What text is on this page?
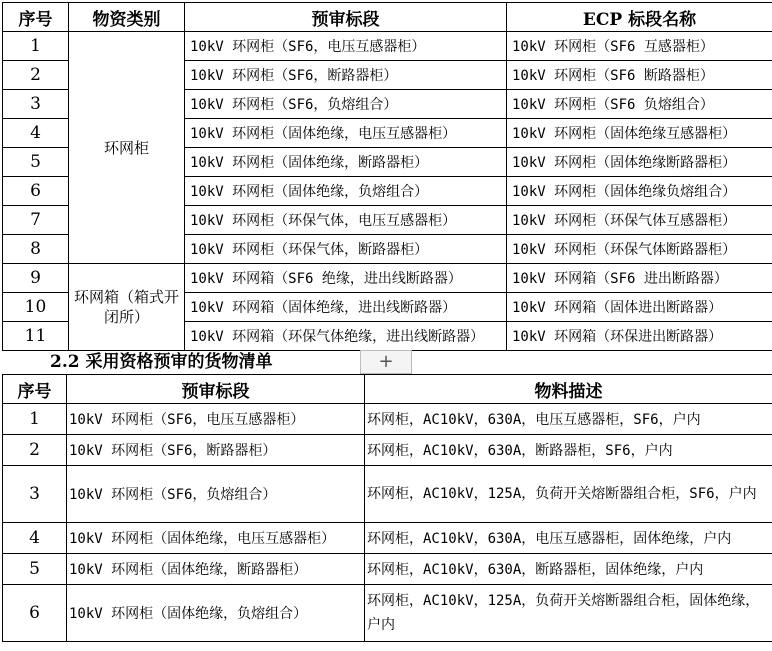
序号	物资类别	预审标段	ECP 标段名称
1	环网柜	10kV 环网柜（SF6，电压互感器柜）	10kV 环网柜（SF6 互感器柜）
2		10kV 环网柜（SF6，断路器柜）	10kV 环网柜（SF6 断路器柜）
3		10kV 环网柜（SF6，负熔组合）	10kV 环网柜（SF6 负熔组合）
4		10kV 环网柜（固体绝缘，电压互感器柜）	10kV 环网柜（固体绝缘互感器柜）
5		10kV 环网柜（固体绝缘，断路器柜）	10kV 环网柜（固体绝缘断路器柜）
6		10kV 环网柜（固体绝缘，负熔组合）	10kV 环网柜（固体绝缘负熔组合）
7		10kV 环网柜（环保气体，电压互感器柜）	10kV 环网柜（环保气体互感器柜）
8		10kV 环网柜（环保气体，断路器柜）	10kV 环网柜（环保气体断路器柜）
9	环网箱（箱式开闭所）	10kV 环网箱（SF6 绝缘，进出线断路器）	10kV 环网箱（SF6 进出断路器）
10		10kV 环网箱（固体绝缘，进出线断路器）	10kV 环网箱（固体进出断路器）
11		10kV 环网箱（环保气体绝缘，进出线断路器）	10kV 环网箱（环保进出断路器）
2.2 采用资格预审的货物清单	+
序号	预审标段	物料描述
1	10kV 环网柜（SF6，电压互感器柜）	环网柜，AC10kV，630A，电压互感器柜，SF6，户内
2	10kV 环网柜（SF6，断路器柜）	环网柜，AC10kV，630A，断路器柜，SF6，户内
3	10kV 环网柜（SF6，负熔组合）	环网柜，AC10kV，125A，负荷开关熔断器组合柜，SF6，户内
4	10kV 环网柜（固体绝缘，电压互感器柜）	环网柜，AC10kV，630A，电压互感器柜，固体绝缘，户内
5	10kV 环网柜（固体绝缘，断路器柜）	环网柜，AC10kV，630A，断路器柜，固体绝缘，户内
6	10kV 环网柜（固体绝缘，负熔组合）	环网柜，AC10kV，125A，负荷开关熔断器组合柜，固体绝缘，户内
